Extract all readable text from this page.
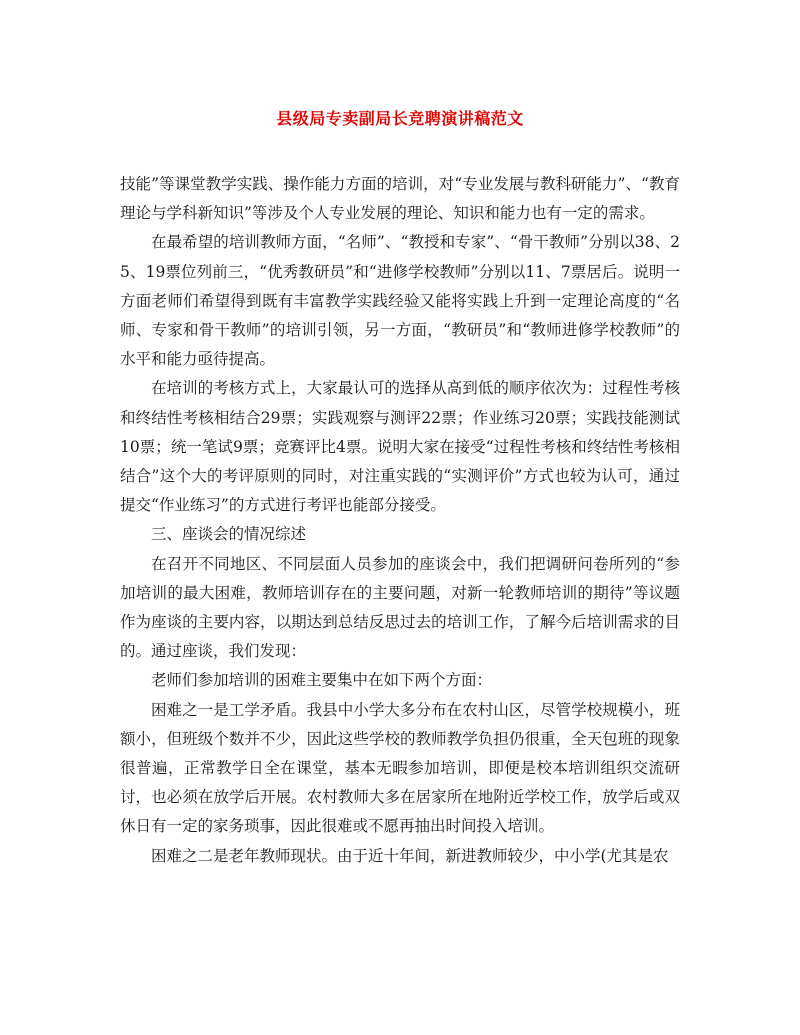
县级局专卖副局长竞聘演讲稿范文

技能”等课堂教学实践、操作能力方面的培训，对“专业发展与教科研能力”、“教育理论与学科新知识”等涉及个人专业发展的理论、知识和能力也有一定的需求。

在最希望的培训教师方面，“名师”、“教授和专家”、“骨干教师”分别以38、25、19票位列前三，“优秀教研员”和“进修学校教师”分别以11、7票居后。说明一方面老师们希望得到既有丰富教学实践经验又能将实践上升到一定理论高度的“名师、专家和骨干教师”的培训引领，另一方面，“教研员”和“教师进修学校教师”的水平和能力亟待提高。

在培训的考核方式上，大家最认可的选择从高到低的顺序依次为：过程性考核和终结性考核相结合29票；实践观察与测评22票；作业练习20票；实践技能测试10票；统一笔试9票；竞赛评比4票。说明大家在接受“过程性考核和终结性考核相结合”这个大的考评原则的同时，对注重实践的“实测评价”方式也较为认可，通过提交“作业练习”的方式进行考评也能部分接受。

三、座谈会的情况综述

在召开不同地区、不同层面人员参加的座谈会中，我们把调研问卷所列的“参加培训的最大困难，教师培训存在的主要问题，对新一轮教师培训的期待”等议题作为座谈的主要内容，以期达到总结反思过去的培训工作，了解今后培训需求的目的。通过座谈，我们发现：

老师们参加培训的困难主要集中在如下两个方面：

困难之一是工学矛盾。我县中小学大多分布在农村山区，尽管学校规模小，班额小，但班级个数并不少，因此这些学校的教师教学负担仍很重，全天包班的现象很普遍，正常教学日全在课堂，基本无暇参加培训，即便是校本培训组织交流研讨，也必须在放学后开展。农村教师大多在居家所在地附近学校工作，放学后或双休日有一定的家务琐事，因此很难或不愿再抽出时间投入培训。

困难之二是老年教师现状。由于近十年间，新进教师较少，中小学(尤其是农
